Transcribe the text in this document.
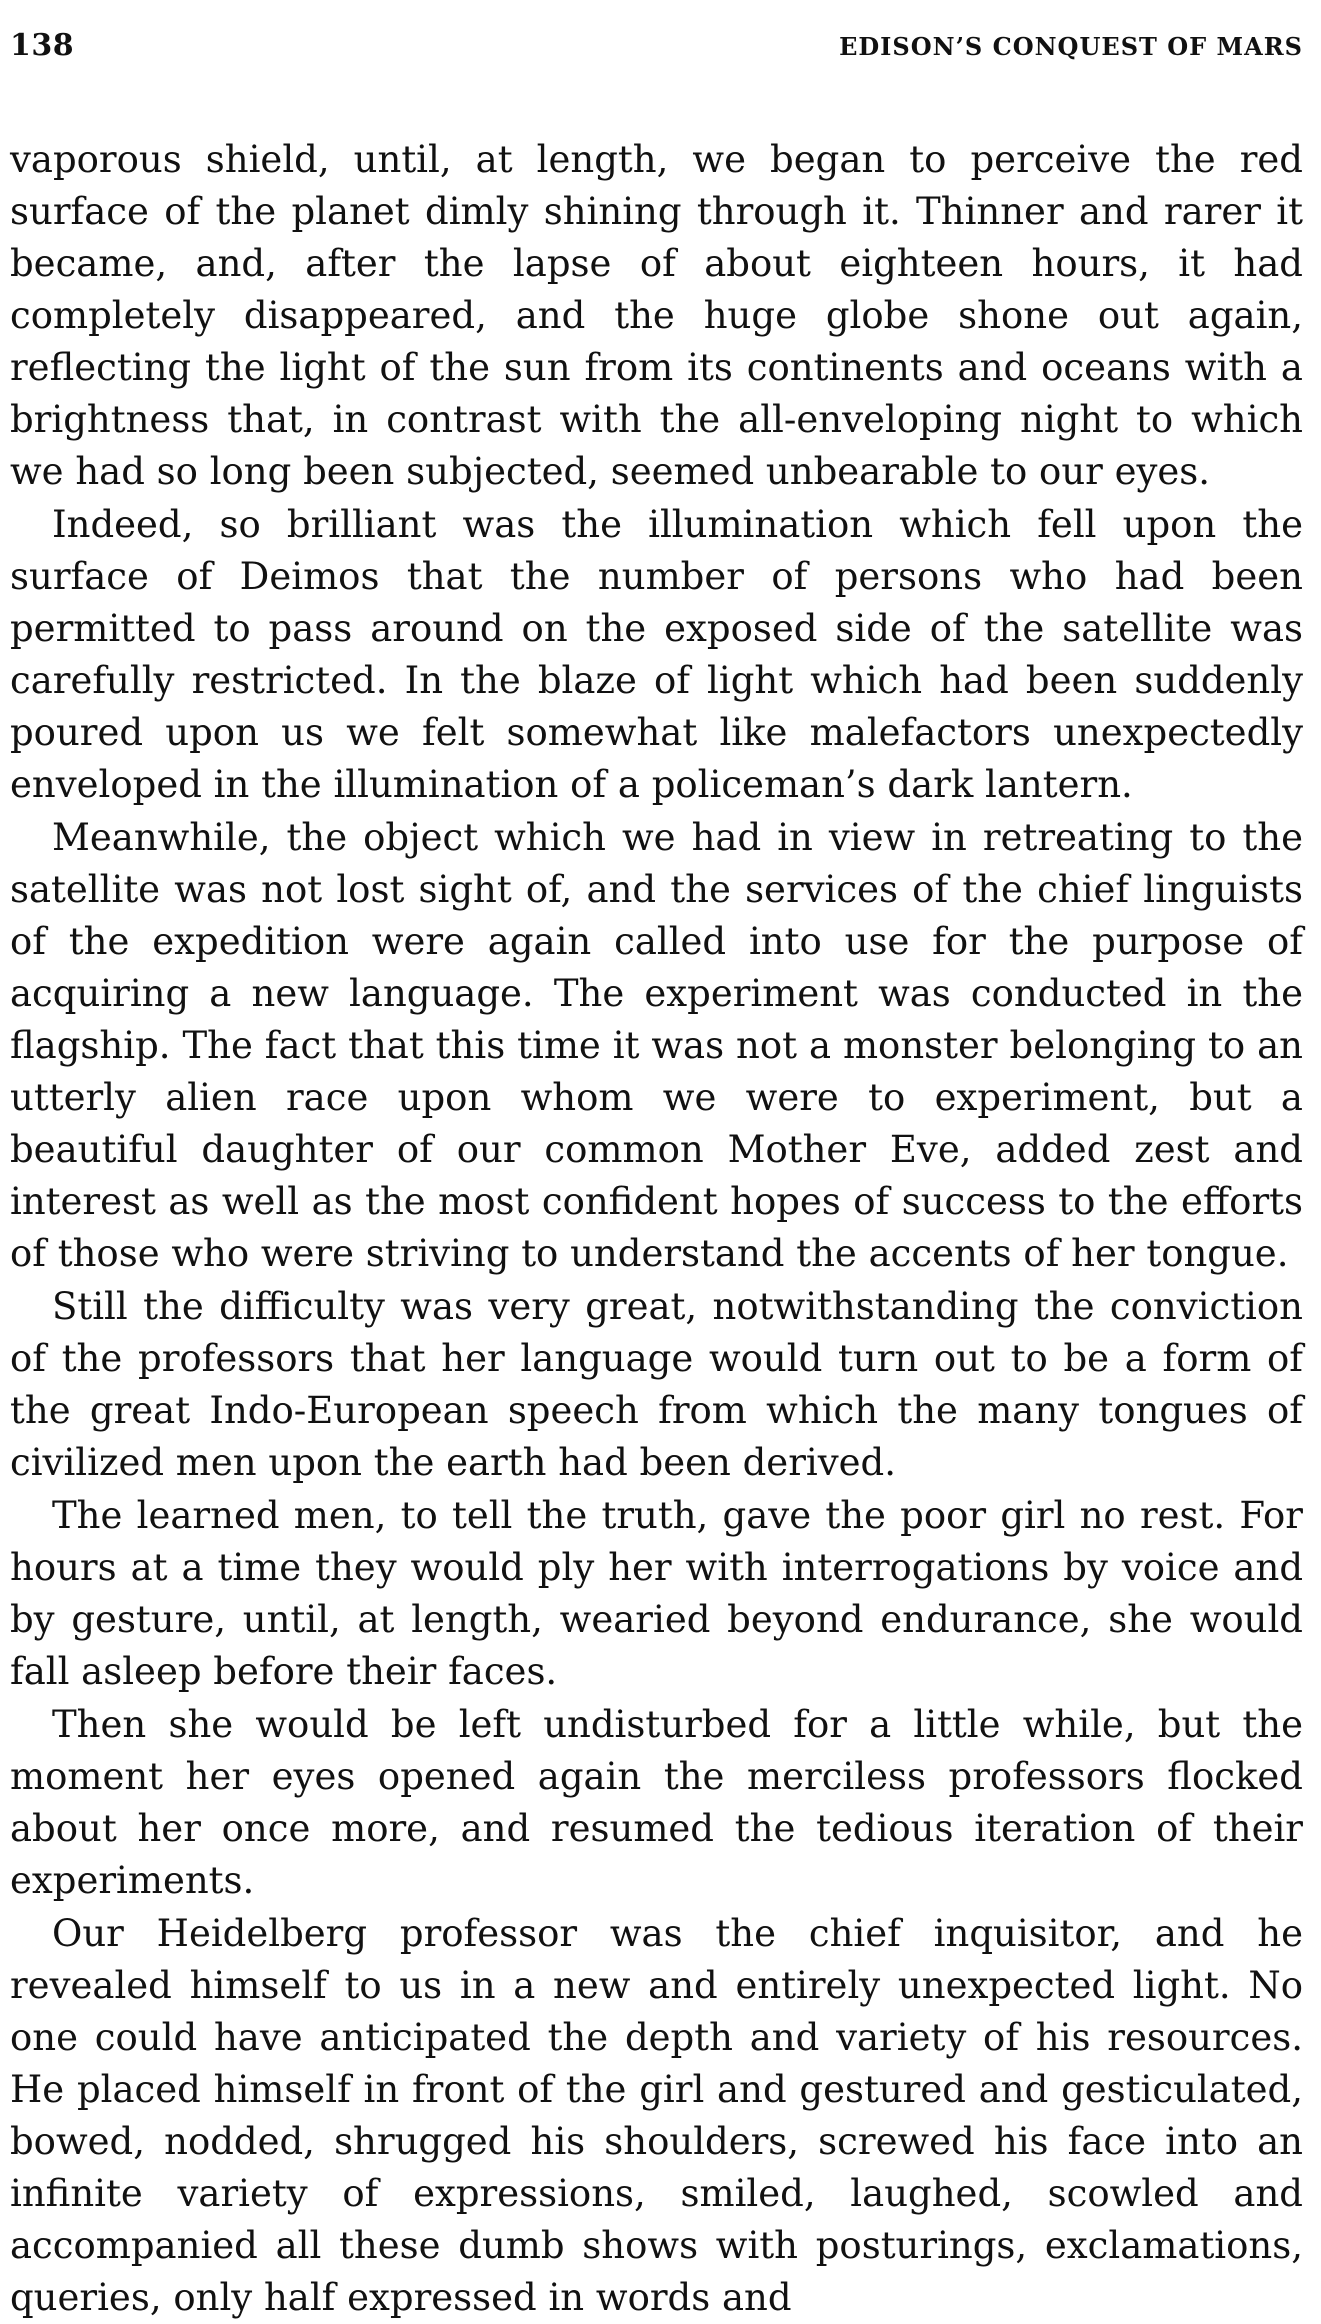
138	EDISON’S CONQUEST OF MARS

vaporous shield, until, at length, we began to perceive the red surface of the planet dimly shining through it. Thinner and rarer it became, and, after the lapse of about eighteen hours, it had completely disappeared, and the huge globe shone out again, reflecting the light of the sun from its continents and oceans with a brightness that, in contrast with the all-enveloping night to which we had so long been subjected, seemed unbearable to our eyes.

Indeed, so brilliant was the illumination which fell upon the surface of Deimos that the number of persons who had been permitted to pass around on the exposed side of the satellite was carefully restricted. In the blaze of light which had been suddenly poured upon us we felt somewhat like malefactors unexpectedly enveloped in the illumination of a policeman’s dark lantern.

Meanwhile, the object which we had in view in retreating to the satellite was not lost sight of, and the services of the chief linguists of the expedition were again called into use for the purpose of acquiring a new language. The experiment was conducted in the flagship. The fact that this time it was not a monster belonging to an utterly alien race upon whom we were to experiment, but a beautiful daughter of our common Mother Eve, added zest and interest as well as the most confident hopes of success to the efforts of those who were striving to understand the accents of her tongue.

Still the difficulty was very great, notwithstanding the conviction of the professors that her language would turn out to be a form of the great Indo-European speech from which the many tongues of civilized men upon the earth had been derived.

The learned men, to tell the truth, gave the poor girl no rest. For hours at a time they would ply her with interrogations by voice and by gesture, until, at length, wearied beyond endurance, she would fall asleep before their faces.

Then she would be left undisturbed for a little while, but the moment her eyes opened again the merciless professors flocked about her once more, and resumed the tedious iteration of their experiments.

Our Heidelberg professor was the chief inquisitor, and he revealed himself to us in a new and entirely unexpected light. No one could have anticipated the depth and variety of his resources. He placed himself in front of the girl and gestured and gesticulated, bowed, nodded, shrugged his shoulders, screwed his face into an infinite variety of expressions, smiled, laughed, scowled and accompanied all these dumb shows with posturings, exclamations, queries, only half expressed in words and
